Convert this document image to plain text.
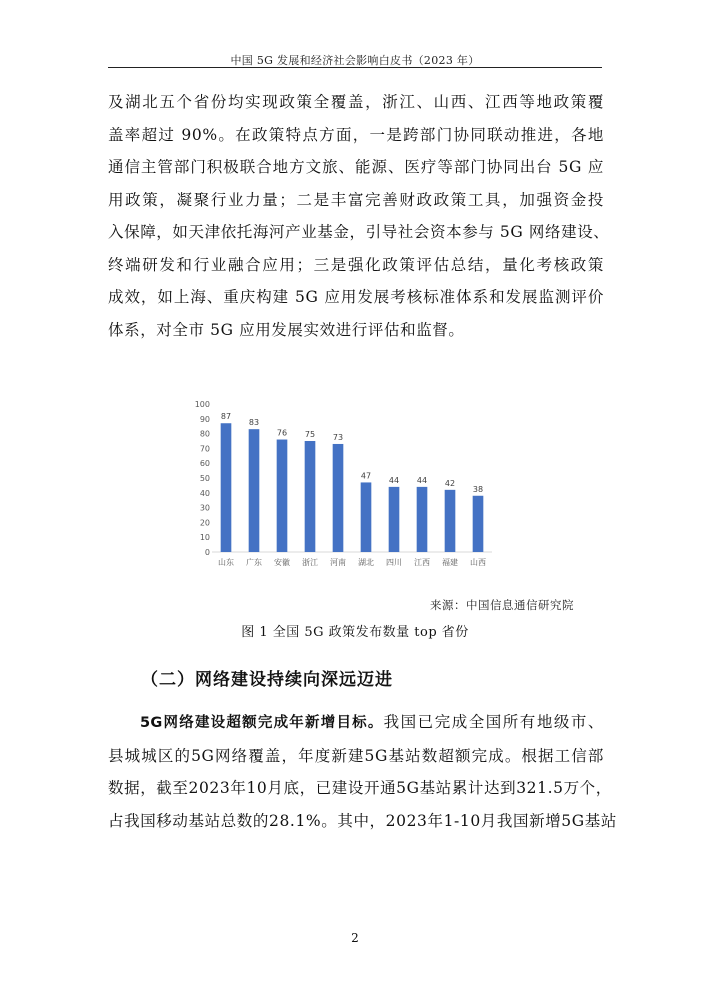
中国 5G 发展和经济社会影响白皮书（2023 年）
及湖北五个省份均实现政策全覆盖，浙江、山西、江西等地政策覆
盖率超过 90%。在政策特点方面，一是跨部门协同联动推进，各地
通信主管部门积极联合地方文旅、能源、医疗等部门协同出台 5G 应
用政策，凝聚行业力量；二是丰富完善财政政策工具，加强资金投
入保障，如天津依托海河产业基金，引导社会资本参与 5G 网络建设、
终端研发和行业融合应用；三是强化政策评估总结，量化考核政策
成效，如上海、重庆构建 5G 应用发展考核标准体系和发展监测评价
体系，对全市 5G 应用发展实效进行评估和监督。
0
10
20
30
40
50
60
70
80
90
100
87
山东
83
广东
76
安徽
75
浙江
73
河南
47
湖北
44
四川
44
江西
42
福建
38
山西
来源：中国信息通信研究院
图 1 全国 5G 政策发布数量 top 省份
（二）网络建设持续向深远迈进
5G网络建设超额完成年新增目标。我国已完成全国所有地级市、
县城城区的5G网络覆盖，年度新建5G基站数超额完成。根据工信部
数据，截至2023年10月底，已建设开通5G基站累计达到321.5万个，
占我国移动基站总数的28.1%。其中，2023年1-10月我国新增5G基站
2
